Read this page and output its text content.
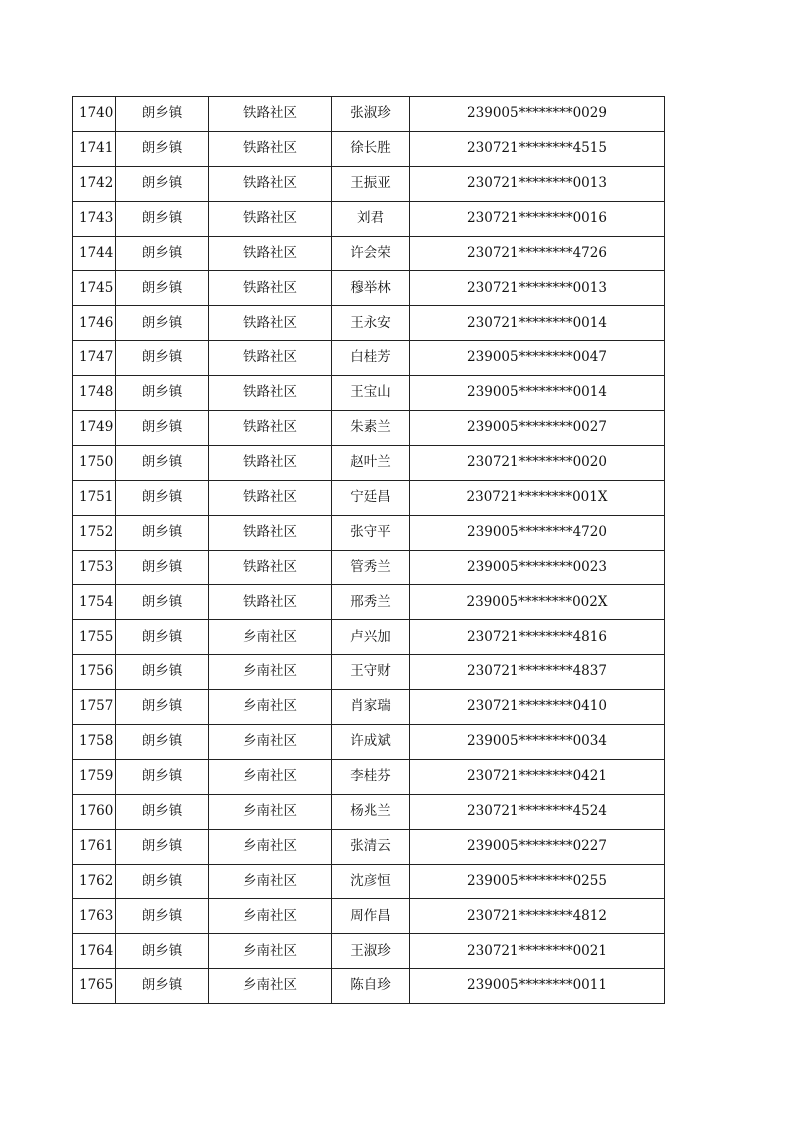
1740	朗乡镇	铁路社区	张淑珍	239005********0029
1741	朗乡镇	铁路社区	徐长胜	230721********4515
1742	朗乡镇	铁路社区	王振亚	230721********0013
1743	朗乡镇	铁路社区	刘君	230721********0016
1744	朗乡镇	铁路社区	许会荣	230721********4726
1745	朗乡镇	铁路社区	穆举林	230721********0013
1746	朗乡镇	铁路社区	王永安	230721********0014
1747	朗乡镇	铁路社区	白桂芳	239005********0047
1748	朗乡镇	铁路社区	王宝山	239005********0014
1749	朗乡镇	铁路社区	朱素兰	239005********0027
1750	朗乡镇	铁路社区	赵叶兰	230721********0020
1751	朗乡镇	铁路社区	宁廷昌	230721********001X
1752	朗乡镇	铁路社区	张守平	239005********4720
1753	朗乡镇	铁路社区	管秀兰	239005********0023
1754	朗乡镇	铁路社区	邢秀兰	239005********002X
1755	朗乡镇	乡南社区	卢兴加	230721********4816
1756	朗乡镇	乡南社区	王守财	230721********4837
1757	朗乡镇	乡南社区	肖家瑞	230721********0410
1758	朗乡镇	乡南社区	许成斌	239005********0034
1759	朗乡镇	乡南社区	李桂芬	230721********0421
1760	朗乡镇	乡南社区	杨兆兰	230721********4524
1761	朗乡镇	乡南社区	张清云	239005********0227
1762	朗乡镇	乡南社区	沈彦恒	239005********0255
1763	朗乡镇	乡南社区	周作昌	230721********4812
1764	朗乡镇	乡南社区	王淑珍	230721********0021
1765	朗乡镇	乡南社区	陈自珍	239005********0011
